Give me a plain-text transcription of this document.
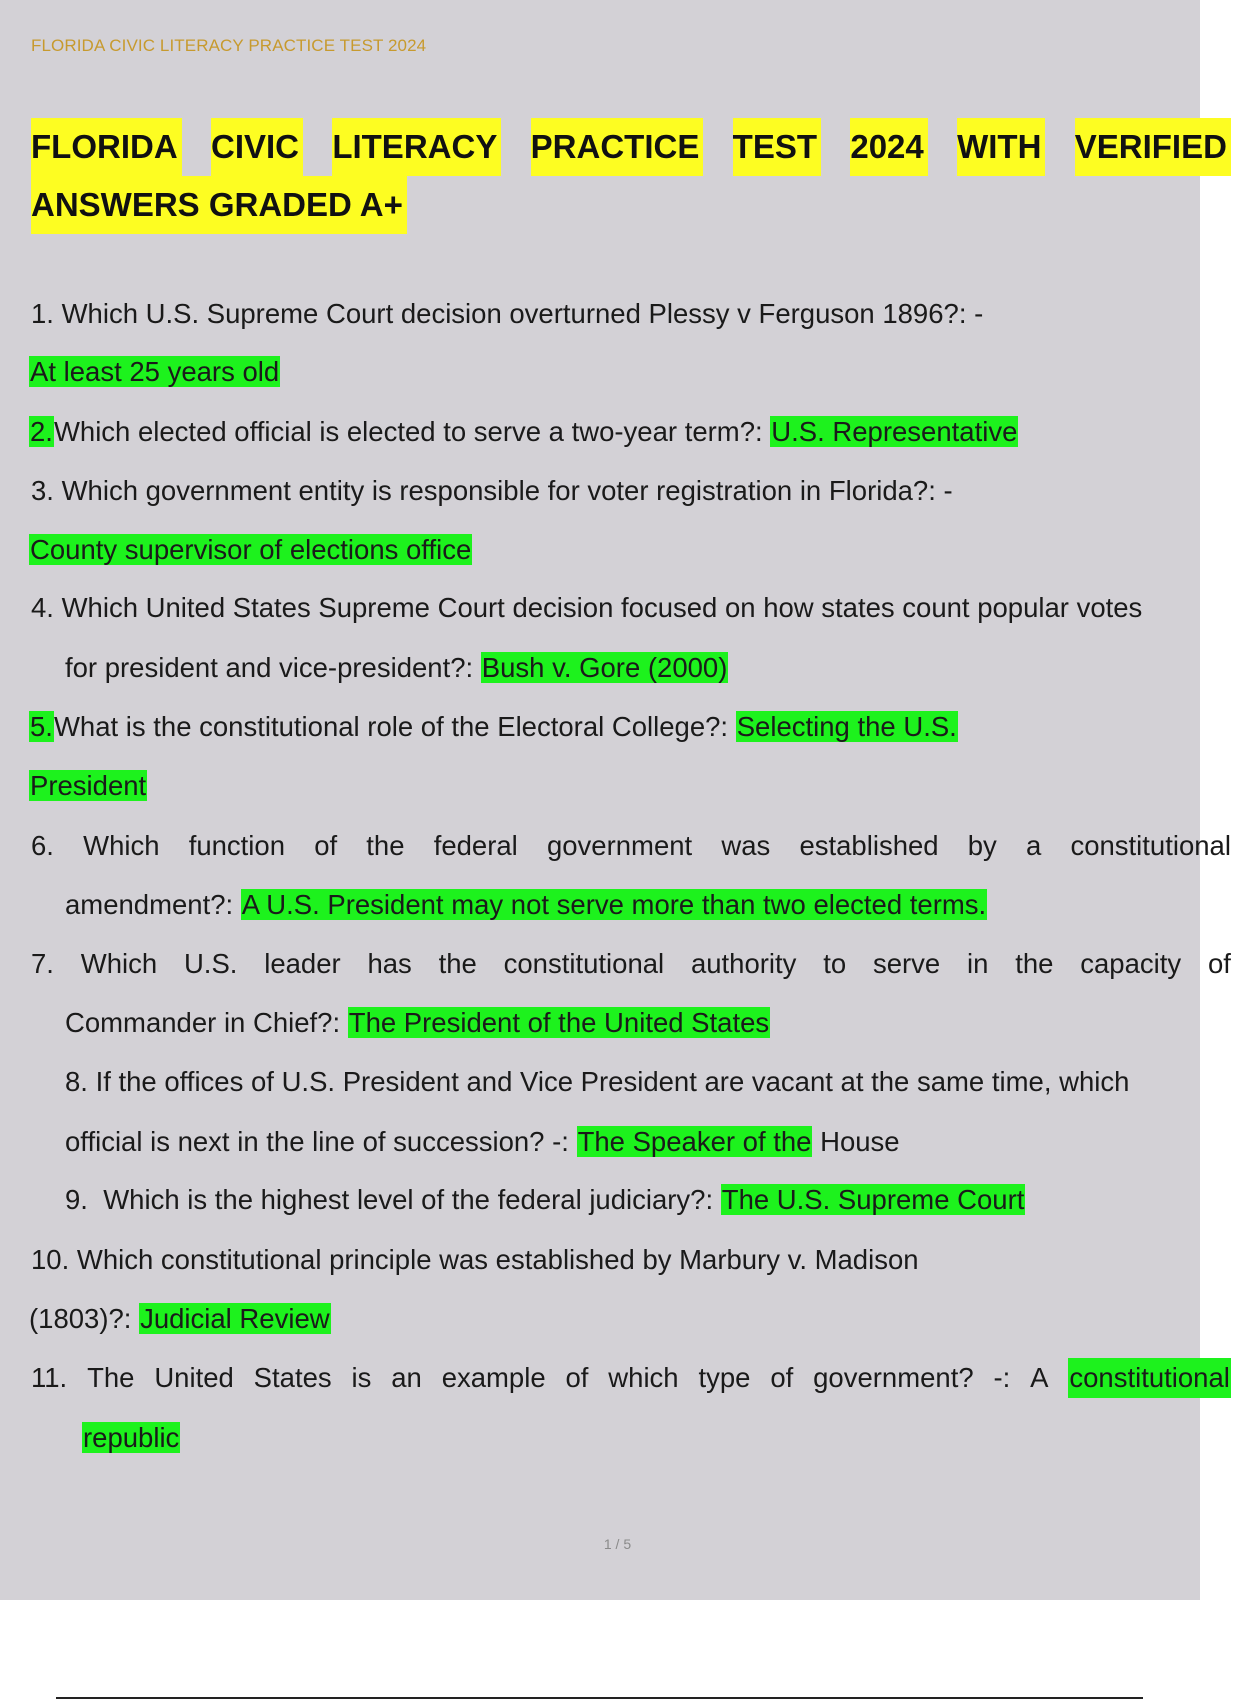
FLORIDA CIVIC LITERACY PRACTICE TEST 2024
FLORIDA CIVIC LITERACY PRACTICE TEST 2024 WITH VERIFIED
ANSWERS GRADED A+
1. Which U.S. Supreme Court decision overturned Plessy v Ferguson 1896?: -
At least 25 years old
2.Which elected official is elected to serve a two-year term?: U.S. Representative
3. Which government entity is responsible for voter registration in Florida?: -
County supervisor of elections office
4. Which United States Supreme Court decision focused on how states count popular votes
for president and vice-president?: Bush v. Gore (2000)
5.What is the constitutional role of the Electoral College?: Selecting the U.S.
President
6. Which function of the federal government was established by a constitutional
amendment?: A U.S. President may not serve more than two elected terms.
7. Which U.S. leader has the constitutional authority to serve in the capacity of
Commander in Chief?: The President of the United States
8. If the offices of U.S. President and Vice President are vacant at the same time, which
official is next in the line of succession? -: The Speaker of the House
9. Which is the highest level of the federal judiciary?: The U.S. Supreme Court
10. Which constitutional principle was established by Marbury v. Madison
(1803)?: Judicial Review
11. The United States is an example of which type of government? -: A constitutional
republic
1 / 5
